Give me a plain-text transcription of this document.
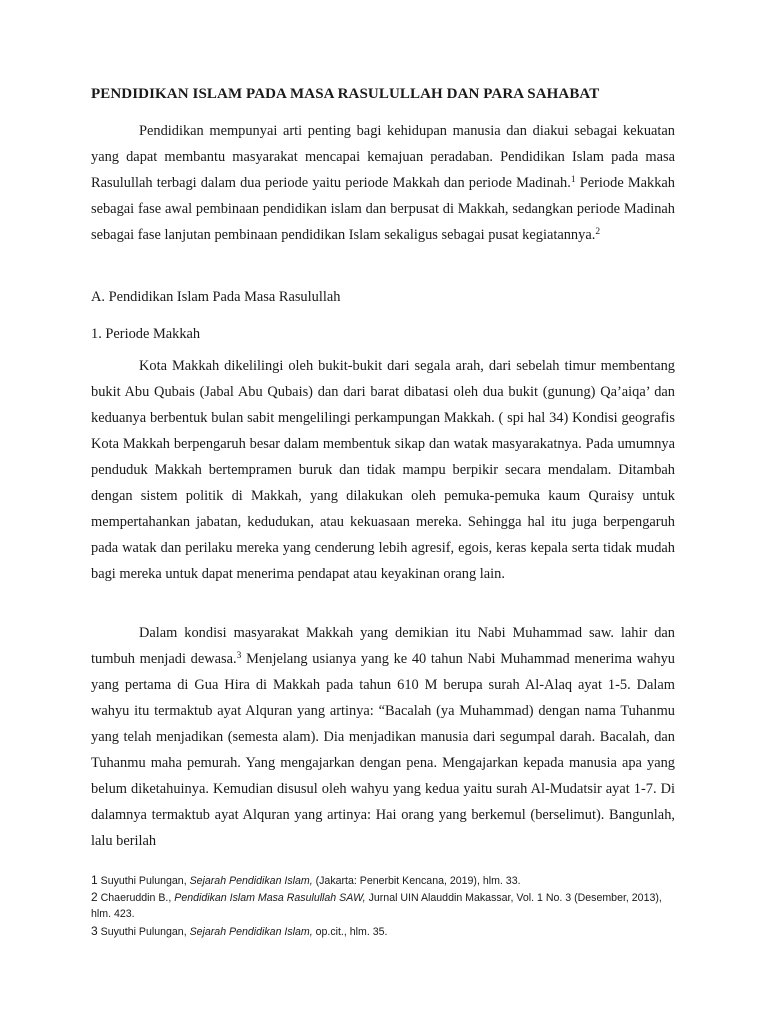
PENDIDIKAN ISLAM PADA MASA RASULULLAH DAN PARA SAHABAT

Pendidikan mempunyai arti penting bagi kehidupan manusia dan diakui sebagai kekuatan yang dapat membantu masyarakat mencapai kemajuan peradaban. Pendidikan Islam pada masa Rasulullah terbagi dalam dua periode yaitu periode Makkah dan periode Madinah.$^1$ Periode Makkah sebagai fase awal pembinaan pendidikan islam dan berpusat di Makkah, sedangkan periode Madinah sebagai fase lanjutan pembinaan pendidikan Islam sekaligus sebagai pusat kegiatannya.$^2$

A. Pendidikan Islam Pada Masa Rasulullah
1. Periode Makkah

Kota Makkah dikelilingi oleh bukit-bukit dari segala arah, dari sebelah timur membentang bukit Abu Qubais (Jabal Abu Qubais) dan dari barat dibatasi oleh dua bukit (gunung) Qa’aiqa’ dan keduanya berbentuk bulan sabit mengelilingi perkampungan Makkah. ( spi hal 34) Kondisi geografis Kota Makkah berpengaruh besar dalam membentuk sikap dan watak masyarakatnya. Pada umumnya penduduk Makkah bertempramen buruk dan tidak mampu berpikir secara mendalam. Ditambah dengan sistem politik di Makkah, yang dilakukan oleh pemuka-pemuka kaum Quraisy untuk mempertahankan jabatan, kedudukan, atau kekuasaan mereka. Sehingga hal itu juga berpengaruh pada watak dan perilaku mereka yang cenderung lebih agresif, egois, keras kepala serta tidak mudah bagi mereka untuk dapat menerima pendapat atau keyakinan orang lain.

Dalam kondisi masyarakat Makkah yang demikian itu Nabi Muhammad saw. lahir dan tumbuh menjadi dewasa.$^3$ Menjelang usianya yang ke 40 tahun Nabi Muhammad menerima wahyu yang pertama di Gua Hira di Makkah pada tahun 610 M berupa surah Al-Alaq ayat 1-5. Dalam wahyu itu termaktub ayat Alquran yang artinya: “Bacalah (ya Muhammad) dengan nama Tuhanmu yang telah menjadikan (semesta alam). Dia menjadikan manusia dari segumpal darah. Bacalah, dan Tuhanmu maha pemurah. Yang mengajarkan dengan pena. Mengajarkan kepada manusia apa yang belum diketahuinya. Kemudian disusul oleh wahyu yang kedua yaitu surah Al-Mudatsir ayat 1-7. Di dalamnya termaktub ayat Alquran yang artinya: Hai orang yang berkemul (berselimut). Bangunlah, lalu berilah

1 Suyuthi Pulungan, Sejarah Pendidikan Islam, (Jakarta: Penerbit Kencana, 2019), hlm. 33.

2 Chaeruddin B., Pendidikan Islam Masa Rasulullah SAW, Jurnal UIN Alauddin Makassar, Vol. 1 No. 3 (Desember, 2013), hlm. 423.

3 Suyuthi Pulungan, Sejarah Pendidikan Islam, op.cit., hlm. 35.
